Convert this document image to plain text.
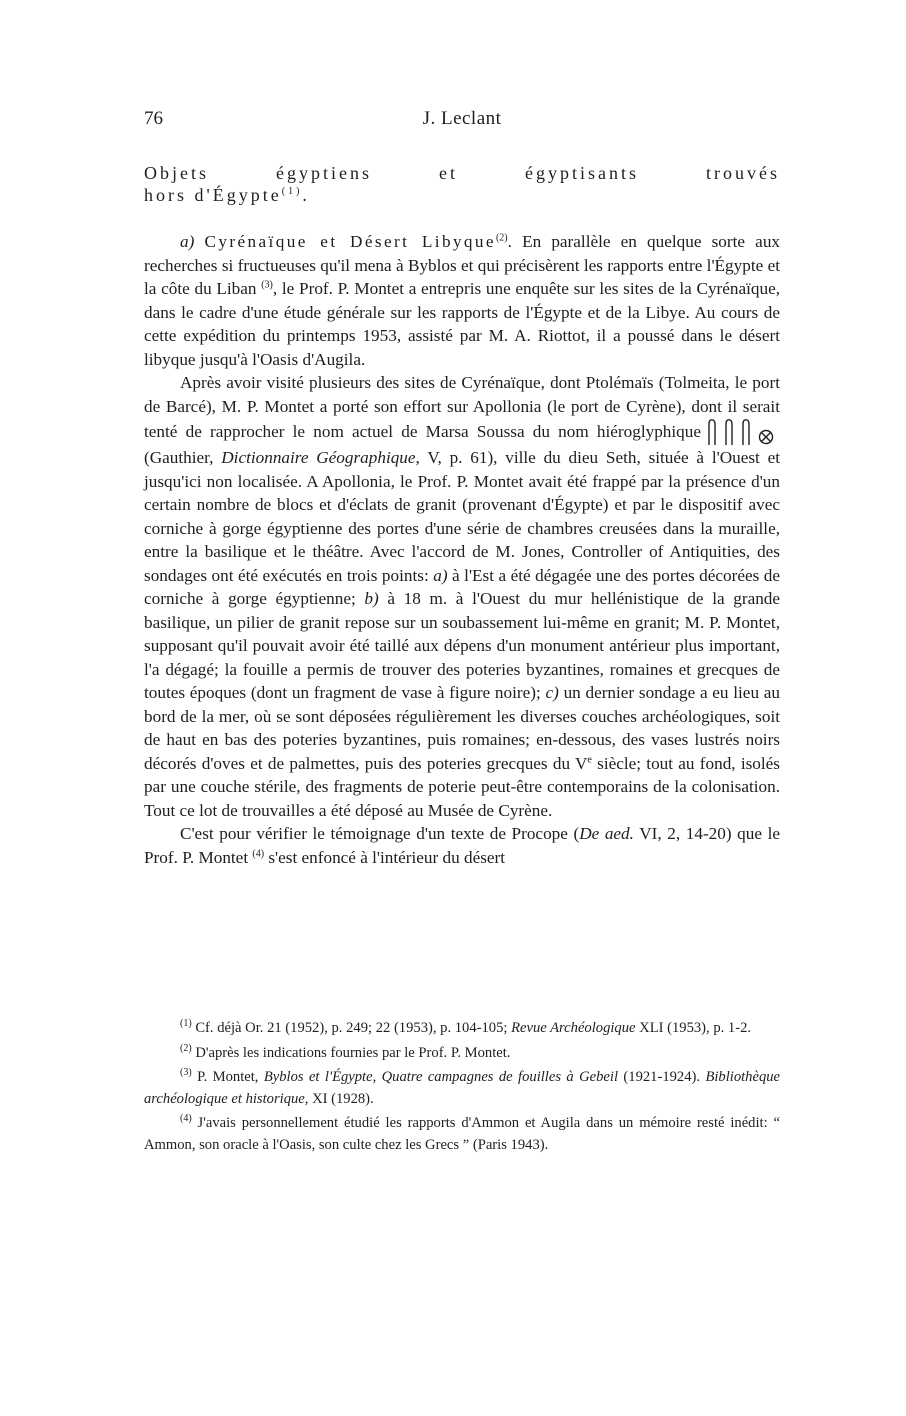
76	J. Leclant
Objets	égyptiens	et	égyptisants	trouvés
hors d'Égypte$^{(1)}$.

a) Cyrénaïque et Désert Libyque$^{(2)}$. En parallèle en quelque sorte aux recherches si fructueuses qu'il mena à Byblos et qui précisèrent les rapports entre l'Égypte et la côte du Liban $^{(3)}$, le Prof. P. Montet a entrepris une enquête sur les sites de la Cyrénaïque, dans le cadre d'une étude générale sur les rapports de l'Égypte et de la Libye. Au cours de cette expédition du printemps 1953, assisté par M. A. Riottot, il a poussé dans le désert libyque jusqu'à l'Oasis d'Augila.

Après avoir visité plusieurs des sites de Cyrénaïque, dont Ptolémaïs (Tolmeita, le port de Barcé), M. P. Montet a porté son effort sur Apollonia (le port de Cyrène), dont il serait tenté de rapprocher le nom actuel de Marsa Soussa du nom hiéroglyphique
(Gauthier, Dictionnaire Géographique, V, p. 61), ville du dieu Seth, située à l'Ouest et jusqu'ici non localisée. A Apollonia, le Prof. P. Montet avait été frappé par la présence d'un certain nombre de blocs et d'éclats de granit (provenant d'Égypte) et par le dispositif avec corniche à gorge égyptienne des portes d'une série de chambres creusées dans la muraille, entre la basilique et le théâtre. Avec l'accord de M. Jones, Controller of Antiquities, des sondages ont été exécutés en trois points: a) à l'Est a été dégagée une des portes décorées de corniche à gorge égyptienne; b) à 18 m. à l'Ouest du mur hellénistique de la grande basilique, un pilier de granit repose sur un soubassement lui-même en granit; M. P. Montet, supposant qu'il pouvait avoir été taillé aux dépens d'un monument antérieur plus important, l'a dégagé; la fouille a permis de trouver des poteries byzantines, romaines et grecques de toutes époques (dont un fragment de vase à figure noire); c) un dernier sondage a eu lieu au bord de la mer, où se sont déposées régulièrement les diverses couches archéologiques, soit de haut en bas des poteries byzantines, puis romaines; en-dessous, des vases lustrés noirs décorés d'oves et de palmettes, puis des poteries grecques du Ve siècle; tout au fond, isolés par une couche stérile, des fragments de poterie peut-être contemporains de la colonisation. Tout ce lot de trouvailles a été déposé au Musée de Cyrène.

C'est pour vérifier le témoignage d'un texte de Procope (De aed. VI, 2, 14-20) que le Prof. P. Montet $^{(4)}$ s'est enfoncé à l'intérieur du désert

$^{(1)}$ Cf. déjà Or. 21 (1952), p. 249; 22 (1953), p. 104-105; Revue Archéologique XLI (1953), p. 1-2.

$^{(2)}$ D'après les indications fournies par le Prof. P. Montet.

$^{(3)}$ P. Montet, Byblos et l'Égypte, Quatre campagnes de fouilles à Gebeil (1921-1924). Bibliothèque archéologique et historique, XI (1928).

$^{(4)}$ J'avais personnellement étudié les rapports d'Ammon et Augila dans un mémoire resté inédit: “ Ammon, son oracle à l'Oasis, son culte chez les Grecs ” (Paris 1943).
